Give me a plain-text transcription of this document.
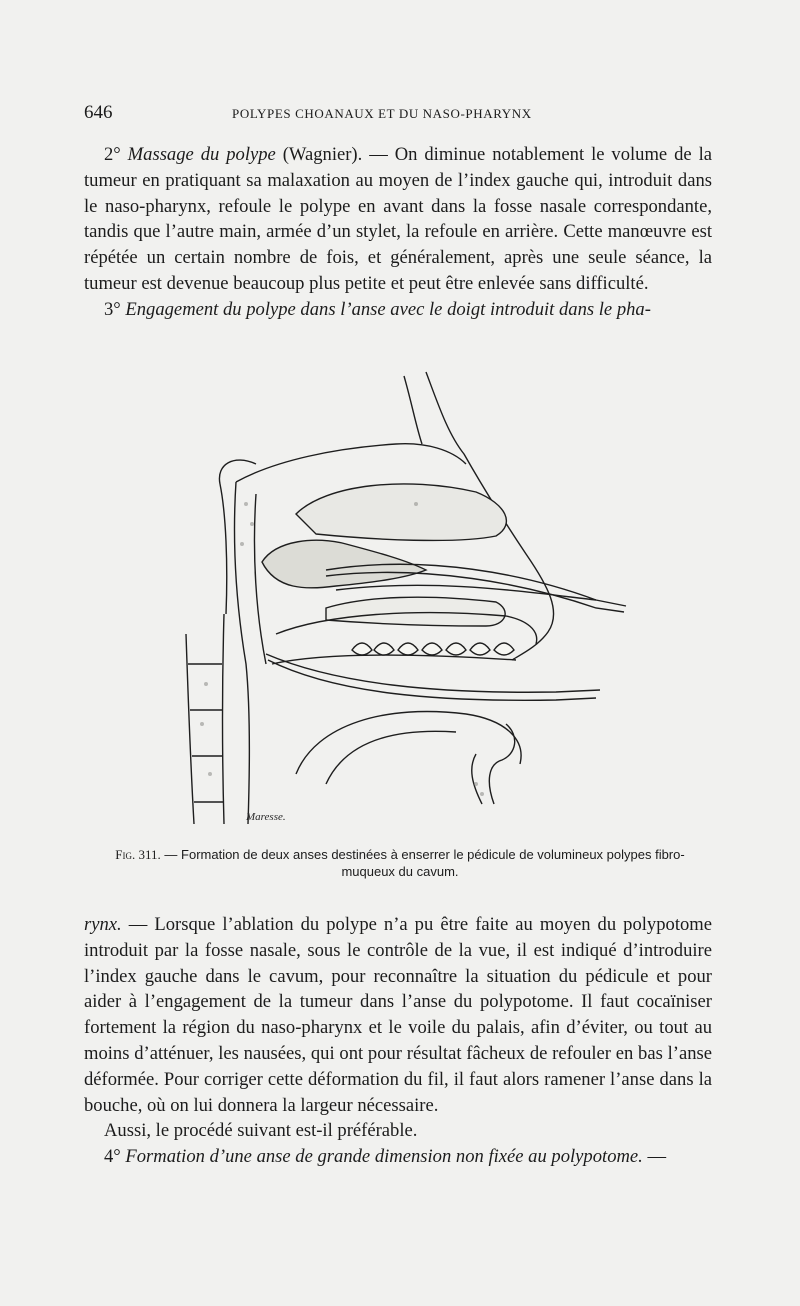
646	POLYPES CHOANAUX ET DU NASO-PHARYNX

2° Massage du polype (Wagnier). — On diminue notablement le volume de la tumeur en pratiquant sa malaxation au moyen de l’index gauche qui, introduit dans le naso-pharynx, refoule le polype en avant dans la fosse nasale correspondante, tandis que l’autre main, armée d’un stylet, la refoule en arrière. Cette manœuvre est répétée un certain nombre de fois, et généralement, après une seule séance, la tumeur est devenue beaucoup plus petite et peut être enlevée sans difficulté.

3° Engagement du polype dans l’anse avec le doigt introduit dans le pha-

Maresse.
Fig. 311. — Formation de deux anses destinées à enserrer le pédicule de volumineux polypes fibro-muqueux du cavum.

rynx. — Lorsque l’ablation du polype n’a pu être faite au moyen du polypotome introduit par la fosse nasale, sous le contrôle de la vue, il est indiqué d’introduire l’index gauche dans le cavum, pour reconnaître la situation du pédicule et pour aider à l’engagement de la tumeur dans l’anse du polypotome. Il faut cocaïniser fortement la région du naso-pharynx et le voile du palais, afin d’éviter, ou tout au moins d’atténuer, les nausées, qui ont pour résultat fâcheux de refouler en bas l’anse déformée. Pour corriger cette déformation du fil, il faut alors ramener l’anse dans la bouche, où on lui donnera la largeur nécessaire.

Aussi, le procédé suivant est-il préférable.

4° Formation d’une anse de grande dimension non fixée au polypotome. —
